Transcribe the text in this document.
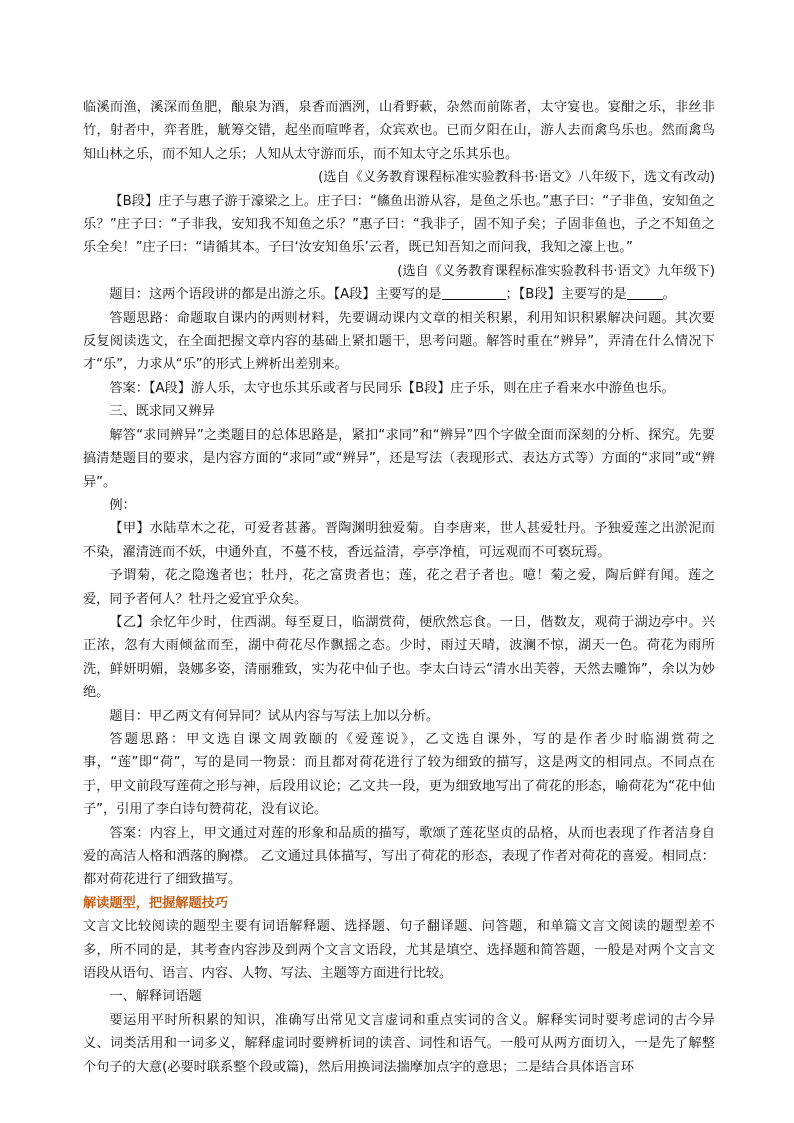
临溪而渔，溪深而鱼肥，酿泉为酒，泉香而酒洌，山肴野蔌，杂然而前陈者，太守宴也。宴酣之乐，非丝非竹，射者中，弈者胜，觥筹交错，起坐而喧哗者，众宾欢也。已而夕阳在山，游人去而禽鸟乐也。然而禽鸟知山林之乐，而不知人之乐；人知从太守游而乐，而不知太守之乐其乐也。

(选自《义务教育课程标准实验教科书·语文》八年级下，选文有改动)

【B段】庄子与惠子游于濠梁之上。庄子曰：“鯈鱼出游从容，是鱼之乐也。”惠子曰：“子非鱼，安知鱼之乐？”庄子曰：“子非我，安知我不知鱼之乐？”惠子曰：“我非子，固不知子矣；子固非鱼也，子之不知鱼之乐全矣！”庄子曰：“请循其本。子曰‘汝安知鱼乐’云者，既已知吾知之而问我，我知之濠上也。”

(选自《义务教育课程标准实验教科书·语文》九年级下)

题目：这两个语段讲的都是出游之乐。【A段】主要写的是	；【B段】主要写的是	。

答题思路：命题取自课内的两则材料，先要调动课内文章的相关积累，利用知识积累解决问题。其次要反复阅读选文，在全面把握文章内容的基础上紧扣题干，思考问题。解答时重在“辨异”，弄清在什么情况下才“乐”，力求从“乐”的形式上辨析出差别来。

答案：【A段】游人乐，太守也乐其乐或者与民同乐【B段】庄子乐，则在庄子看来水中游鱼也乐。

三、既求同又辨异

解答“求同辨异”之类题目的总体思路是，紧扣“求同”和“辨异”四个字做全面而深刻的分析、探究。先要搞清楚题目的要求，是内容方面的“求同”或“辨异”，还是写法（表现形式、表达方式等）方面的“求同”或“辨异”。

例：

【甲】水陆草木之花，可爱者甚蕃。晋陶渊明独爱菊。自李唐来，世人甚爱牡丹。予独爱莲之出淤泥而不染，濯清涟而不妖，中通外直，不蔓不枝，香远益清，亭亭净植，可远观而不可亵玩焉。

予谓菊，花之隐逸者也；牡丹，花之富贵者也；莲，花之君子者也。噫！菊之爱，陶后鲜有闻。莲之爱，同予者何人？牡丹之爱宜乎众矣。

【乙】余忆年少时，住西湖。每至夏日，临湖赏荷，便欣然忘食。一日，偕数友，观荷于湖边亭中。兴正浓，忽有大雨倾盆而至，湖中荷花尽作飘摇之态。少时，雨过天晴，波澜不惊，湖天一色。荷花为雨所洗，鲜妍明媚，袅娜多姿，清丽雅致，实为花中仙子也。李太白诗云“清水出芙蓉，天然去雕饰”，余以为妙绝。

题目：甲乙两文有何异同？试从内容与写法上加以分析。

答题思路：甲文选自课文周敦颐的《爱莲说》，乙文选自课外，写的是作者少时临湖赏荷之事，“莲”即“荷”，写的是同一物景：而且都对荷花进行了较为细致的描写，这是两文的相同点。不同点在于，甲文前段写莲荷之形与神，后段用议论；乙文共一段，更为细致地写出了荷花的形态，喻荷花为“花中仙子”，引用了李白诗句赞荷花，没有议论。

答案：内容上，甲文通过对莲的形象和品质的描写，歌颂了莲花坚贞的品格，从而也表现了作者洁身自爱的高洁人格和洒落的胸襟。 乙文通过具体描写，写出了荷花的形态，表现了作者对荷花的喜爱。相同点：都对荷花进行了细致描写。

解读题型，把握解题技巧

文言文比较阅读的题型主要有词语解释题、选择题、句子翻译题、问答题，和单篇文言文阅读的题型差不多，所不同的是，其考查内容涉及到两个文言文语段，尤其是填空、选择题和简答题，一般是对两个文言文语段从语句、语言、内容、人物、写法、主题等方面进行比较。

一、解释词语题

要运用平时所积累的知识，准确写出常见文言虚词和重点实词的含义。解释实词时要考虑词的古今异义、词类活用和一词多义，解释虚词时要辨析词的读音、词性和语气。一般可从两方面切入，一是先了解整个句子的大意(必要时联系整个段或篇)，然后用换词法揣摩加点字的意思；二是结合具体语言环
